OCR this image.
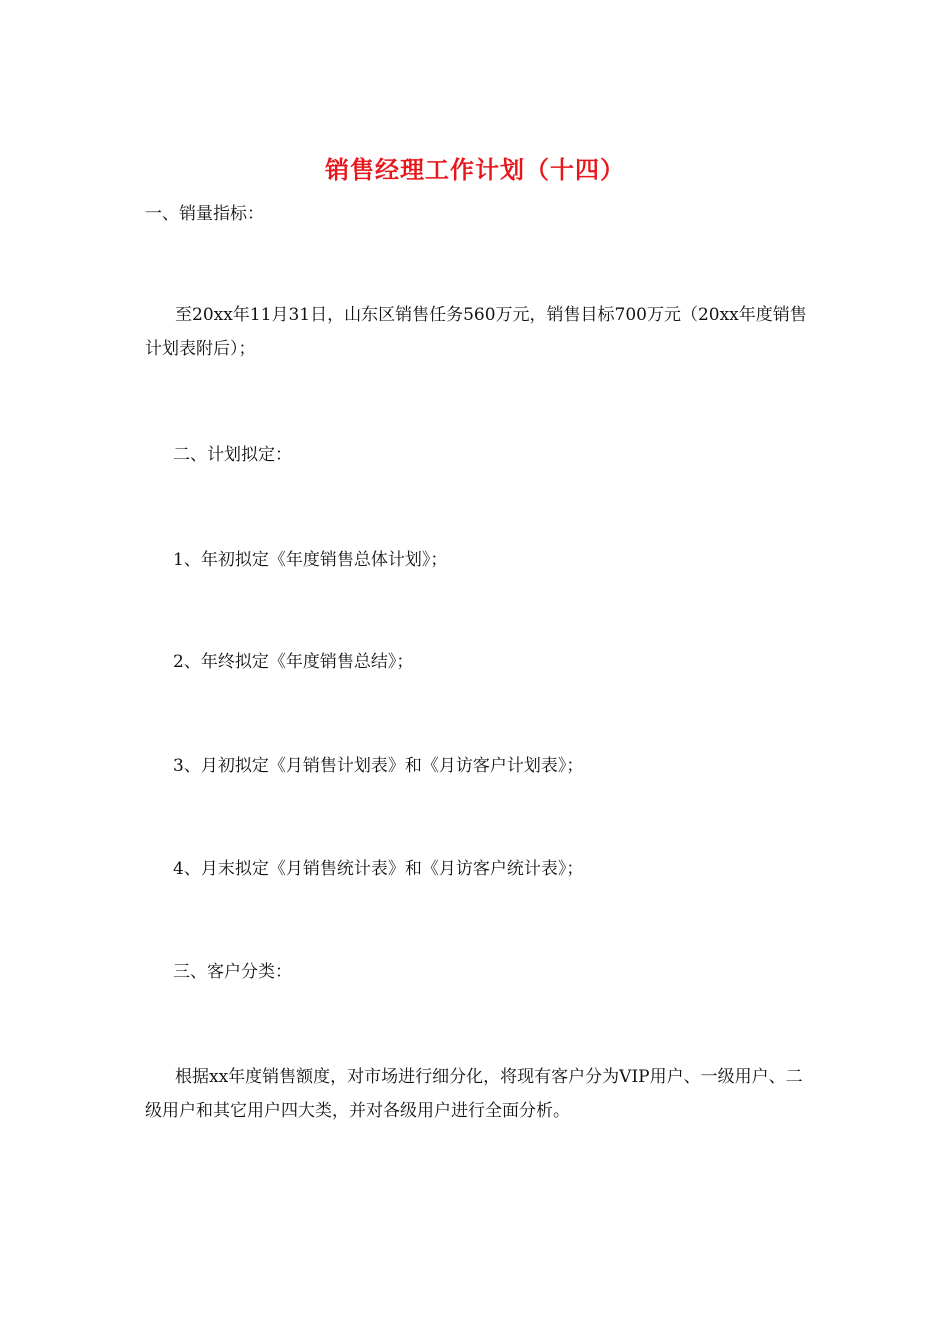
销售经理工作计划（十四）
一、销量指标：
至20xx年11月31日，山东区销售任务560万元，销售目标700万元（20xx年度销售计划表附后）；
二、计划拟定：
1、年初拟定《年度销售总体计划》；
2、年终拟定《年度销售总结》；
3、月初拟定《月销售计划表》和《月访客户计划表》；
4、月末拟定《月销售统计表》和《月访客户统计表》；
三、客户分类：
根据xx年度销售额度，对市场进行细分化，将现有客户分为VIP用户、一级用户、二级用户和其它用户四大类，并对各级用户进行全面分析。
